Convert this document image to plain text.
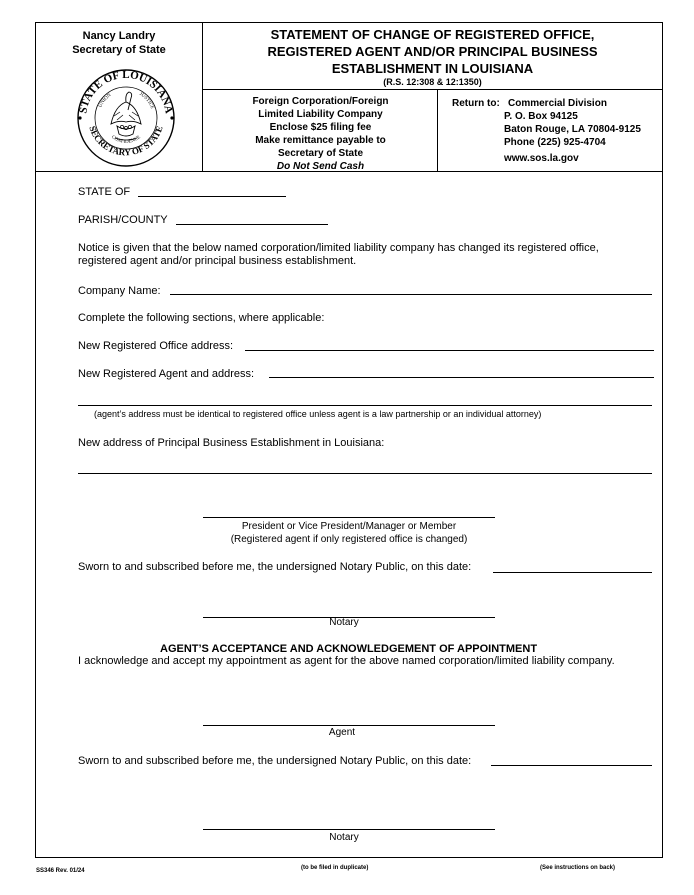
Nancy Landry
Secretary of State
STATE OF LOUISIANA
SECRETARY OF STATE
UNION	JUSTICE
CONFIDENCE
STATEMENT OF CHANGE OF REGISTERED OFFICE,
REGISTERED AGENT AND/OR PRINCIPAL BUSINESS
ESTABLISHMENT IN LOUISIANA
(R.S. 12:308 & 12:1350)
Foreign Corporation/Foreign
Limited Liability Company
Enclose $25 filing fee
Make remittance payable to
Secretary of State
Do Not Send Cash
Return to: Commercial Division
P. O. Box 94125
Baton Rouge, LA 70804-9125
Phone (225) 925-4704
www.sos.la.gov
STATE OF
PARISH/COUNTY
Notice is given that the below named corporation/limited liability company has changed its registered office, registered agent and/or principal business establishment.
Company Name:
Complete the following sections, where applicable:
New Registered Office address:
New Registered Agent and address:
(agent’s address must be identical to registered office unless agent is a law partnership or an individual attorney)
New address of Principal Business Establishment in Louisiana:
President or Vice President/Manager or Member
(Registered agent if only registered office is changed)
Sworn to and subscribed before me, the undersigned Notary Public, on this date:
Notary
AGENT’S ACCEPTANCE AND ACKNOWLEDGEMENT OF APPOINTMENT
I acknowledge and accept my appointment as agent for the above named corporation/limited liability company.
Agent
Sworn to and subscribed before me, the undersigned Notary Public, on this date:
Notary
SS346 Rev. 01/24	(to be filed in duplicate)	(See instructions on back)
